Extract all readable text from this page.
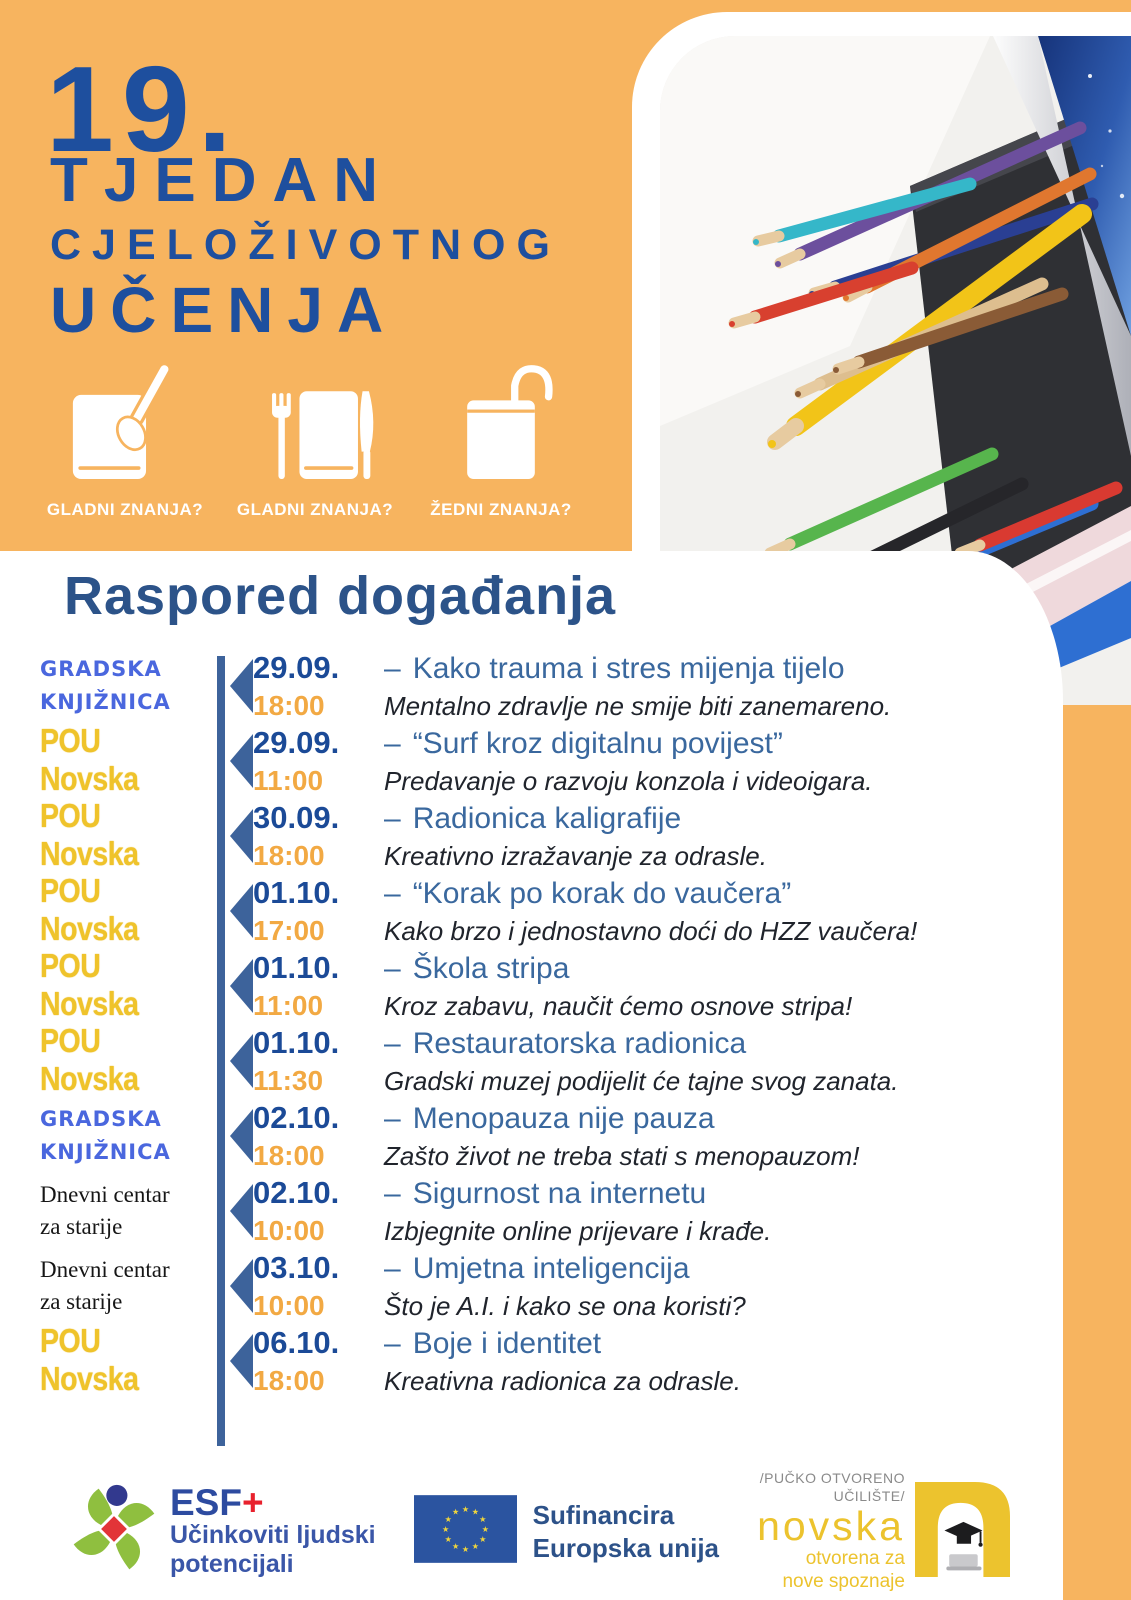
19.
TJEDAN
CJELOŽIVOTNOG
UČENJA
GLADNI ZNANJA?	GLADNI ZNANJA?	ŽEDNI ZNANJA?
Raspored događanja
GRADSKA
KNJIŽNICA
29.09.	– Kako trauma i stres mijenja tijelo
18:00	Mentalno zdravlje ne smije biti zanemareno.
POU Novska
29.09.	– “Surf kroz digitalnu povijest”
11:00	Predavanje o razvoju konzola i videoigara.
POU Novska
30.09.	– Radionica kaligrafije
18:00	Kreativno izražavanje za odrasle.
POU Novska
01.10.	– “Korak po korak do vaučera”
17:00	Kako brzo i jednostavno doći do HZZ vaučera!
POU Novska
01.10.	– Škola stripa
11:00	Kroz zabavu, naučit ćemo osnove stripa!
POU Novska
01.10.	– Restauratorska radionica
11:30	Gradski muzej podijelit će tajne svog zanata.
GRADSKA
KNJIŽNICA
02.10.	– Menopauza nije pauza
18:00	Zašto život ne treba stati s menopauzom!
Dnevni centar
za starije
02.10.	– Sigurnost na internetu
10:00	Izbjegnite online prijevare i krađe.
Dnevni centar
za starije
03.10.	– Umjetna inteligencija
10:00	Što je A.I. i kako se ona koristi?
POU Novska
06.10.	– Boje i identitet
18:00	Kreativna radionica za odrasle.
ESF+
Učinkoviti ljudski
potencijali
★ ★
★
★
★
★
★
★
★
★
★
★	Sufinancira
Europska unija
/PUČKO OTVORENO
UČILIŠTE/
novska
otvorena za
nove spoznaje
